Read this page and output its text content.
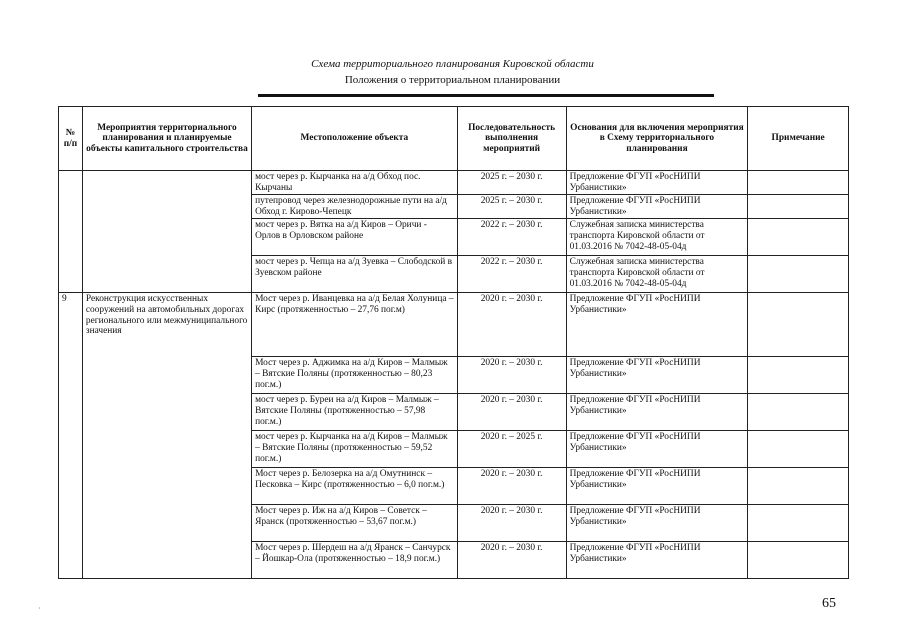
Схема территориального планирования Кировской области
Положения о территориальном планировании
№ п/п	Мероприятия территориального планирования и планируемые объекты капитального строительства	Местоположение объекта	Последовательность выполнения мероприятий	Основания для включения мероприятия в Схему территориального планирования	Примечание
		мост через р. Кырчанка на а/д Обход пос. Кырчаны	2025 г. – 2030 г.	Предложение ФГУП «РосНИПИ Урбанистики»	
		путепровод через железнодорожные пути на а/д Обход г. Кирово-Чепецк	2025 г. – 2030 г.	Предложение ФГУП «РосНИПИ Урбанистики»	
		мост через р. Вятка на а/д Киров – Оричи - Орлов в Орловском районе	2022 г. – 2030 г.	Служебная записка министерства транспорта Кировской области от 01.03.2016 № 7042-48-05-04д	
		мост через р. Чепца на а/д Зуевка – Слободской в Зуевском районе	2022 г. – 2030 г.	Служебная записка министерства транспорта Кировской области от 01.03.2016 № 7042-48-05-04д	
9	Реконструкция искусственных сооружений на автомобильных дорогах регионального или межмуниципального значения	Мост через р. Иванцевка на а/д Белая Холуница – Кирс (протяженностью – 27,76 пог.м)	2020 г. – 2030 г.	Предложение ФГУП «РосНИПИ Урбанистики»	
		Мост через р. Аджимка на а/д Киров – Малмыж – Вятские Поляны (протяженностью – 80,23 пог.м.)	2020 г. – 2030 г.	Предложение ФГУП «РосНИПИ Урбанистики»	
		мост через р. Буреи на а/д Киров – Малмыж – Вятские Поляны (протяженностью – 57,98 пог.м.)	2020 г. – 2030 г.	Предложение ФГУП «РосНИПИ Урбанистики»	
		мост через р. Кырчанка на а/д Киров – Малмыж – Вятские Поляны (протяженностью – 59,52 пог.м.)	2020 г. – 2025 г.	Предложение ФГУП «РосНИПИ Урбанистики»	
		Мост через р. Белозерка на а/д Омутнинск – Песковка – Кирс (протяженностью – 6,0 пог.м.)	2020 г. – 2030 г.	Предложение ФГУП «РосНИПИ Урбанистики»	
		Мост через р. Иж на а/д Киров – Советск – Яранск (протяженностью – 53,67 пог.м.)	2020 г. – 2030 г.	Предложение ФГУП «РосНИПИ Урбанистики»	
		Мост через р. Шердеш на а/д Яранск – Санчурск – Йошкар-Ола (протяженностью – 18,9 пог.м.)	2020 г. – 2030 г.	Предложение ФГУП «РосНИПИ Урбанистики»	
·	65
